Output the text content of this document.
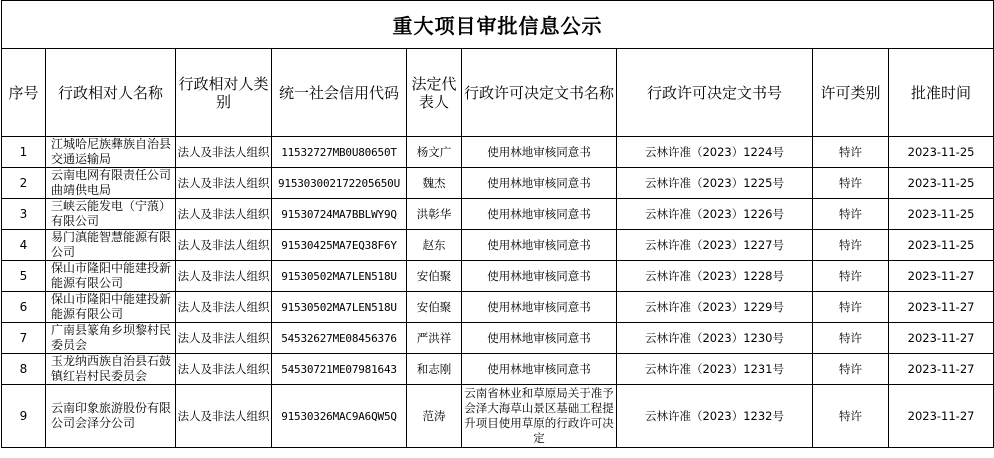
重大项目审批信息公示								
序号	行政相对人名称	行政相对人类别	统一社会信用代码	法定代表人	行政许可决定文书名称	行政许可决定文书号	许可类别	批准时间
1	江城哈尼族彝族自治县交通运输局	法人及非法人组织	11532727MB0U80650T	杨文广	使用林地审核同意书	云林许准（2023）1224号	特许	2023-11-25
2	云南电网有限责任公司曲靖供电局	法人及非法人组织	915303002172205650U	魏杰	使用林地审核同意书	云林许准（2023）1225号	特许	2023-11-25
3	三峡云能发电（宁蒗）有限公司	法人及非法人组织	91530724MA7BBLWY9Q	洪彰华	使用林地审核同意书	云林许准（2023）1226号	特许	2023-11-25
4	易门滇能智慧能源有限公司	法人及非法人组织	91530425MA7EQ38F6Y	赵东	使用林地审核同意书	云林许准（2023）1227号	特许	2023-11-25
5	保山市隆阳中能建投新能源有限公司	法人及非法人组织	91530502MA7LEN518U	安伯聚	使用林地审核同意书	云林许准（2023）1228号	特许	2023-11-27
6	保山市隆阳中能建投新能源有限公司	法人及非法人组织	91530502MA7LEN518U	安伯聚	使用林地审核同意书	云林许准（2023）1229号	特许	2023-11-27
7	广南县篆角乡坝黎村民委员会	法人及非法人组织	54532627ME08456376	严洪祥	使用林地审核同意书	云林许准（2023）1230号	特许	2023-11-27
8	玉龙纳西族自治县石鼓镇红岩村民委员会	法人及非法人组织	54530721ME07981643	和志刚	使用林地审核同意书	云林许准（2023）1231号	特许	2023-11-27
9	云南印象旅游股份有限公司会泽分公司	法人及非法人组织	91530326MAC9A6QW5Q	范涛	云南省林业和草原局关于准予会泽大海草山景区基础工程提升项目使用草原的行政许可决定	云林许准（2023）1232号	特许	2023-11-27
